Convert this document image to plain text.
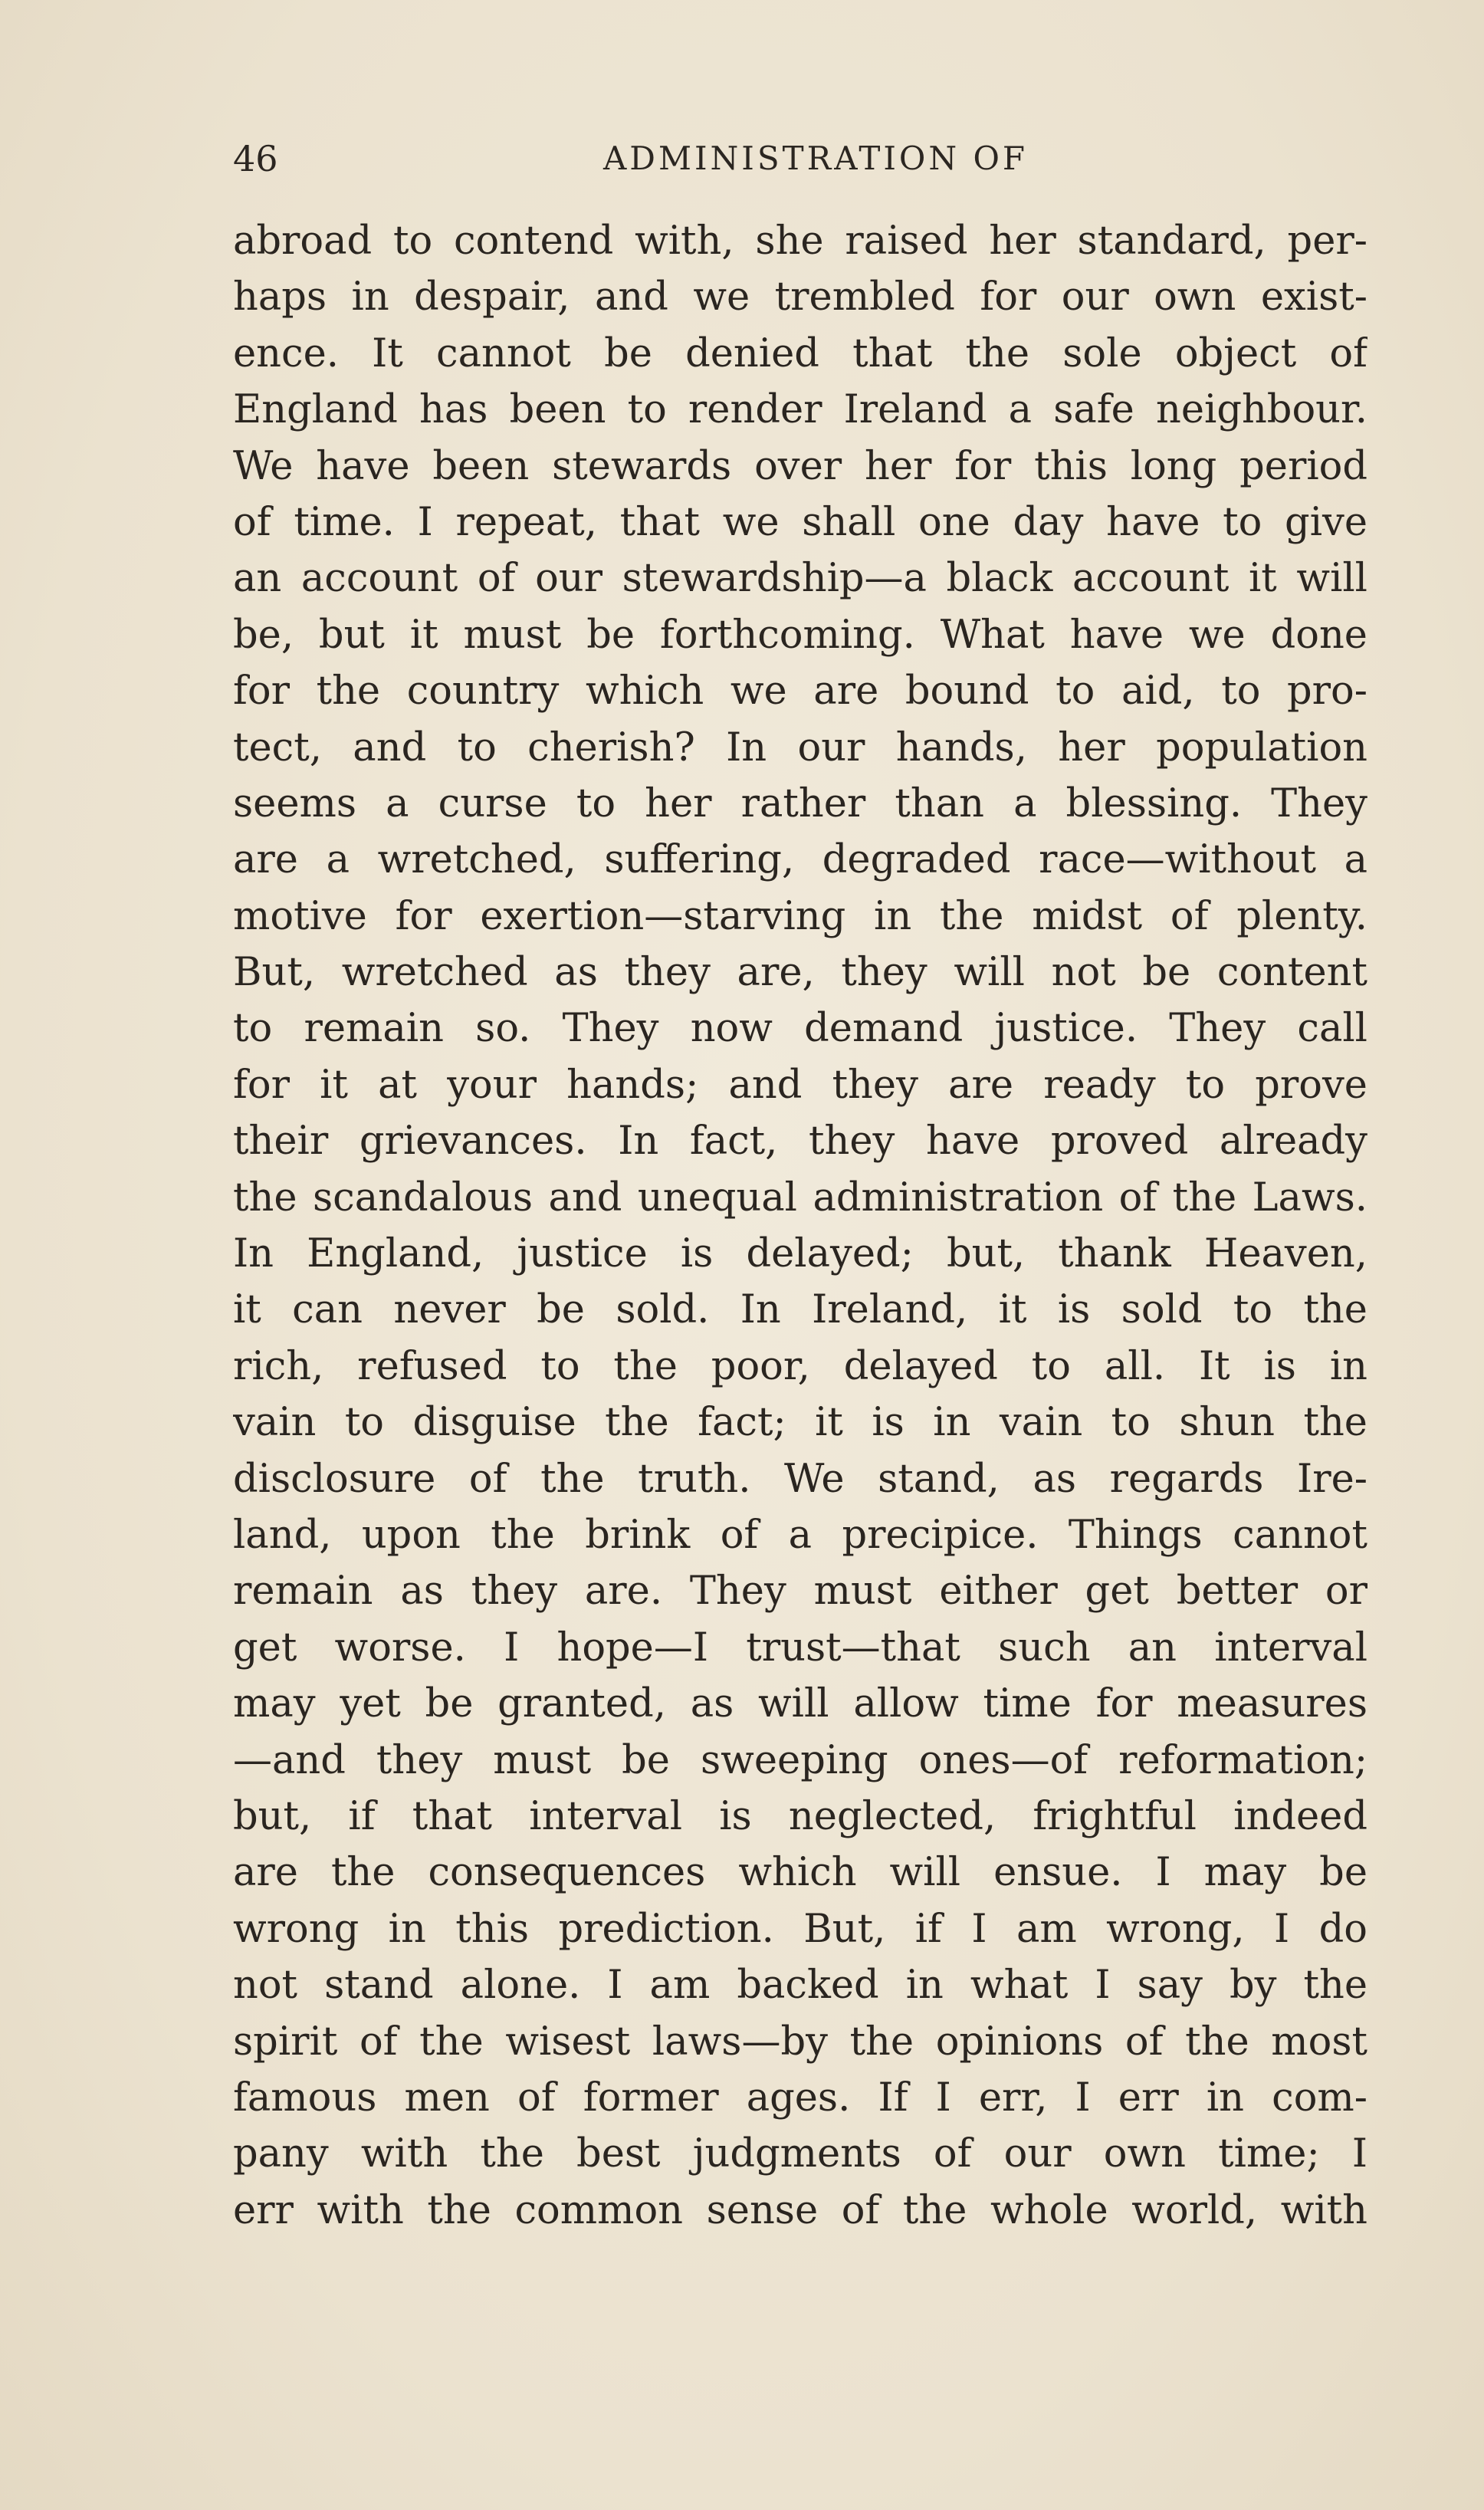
46	ADMINISTRATION OF
abroad to contend with, she raised her standard, per-
haps in despair, and we trembled for our own exist-
ence. It cannot be denied that the sole object of
England has been to render Ireland a safe neighbour.
We have been stewards over her for this long period
of time. I repeat, that we shall one day have to give
an account of our stewardship—a black account it will
be, but it must be forthcoming. What have we done
for the country which we are bound to aid, to pro-
tect, and to cherish? In our hands, her population
seems a curse to her rather than a blessing. They
are a wretched, suffering, degraded race—without a
motive for exertion—starving in the midst of plenty.
But, wretched as they are, they will not be content
to remain so. They now demand justice. They call
for it at your hands; and they are ready to prove
their grievances. In fact, they have proved already
the scandalous and unequal administration of the Laws.
In England, justice is delayed; but, thank Heaven,
it can never be sold. In Ireland, it is sold to the
rich, refused to the poor, delayed to all. It is in
vain to disguise the fact; it is in vain to shun the
disclosure of the truth. We stand, as regards Ire-
land, upon the brink of a precipice. Things cannot
remain as they are. They must either get better or
get worse. I hope—I trust—that such an interval
may yet be granted, as will allow time for measures
—and they must be sweeping ones—of reformation;
but, if that interval is neglected, frightful indeed
are the consequences which will ensue. I may be
wrong in this prediction. But, if I am wrong, I do
not stand alone. I am backed in what I say by the
spirit of the wisest laws—by the opinions of the most
famous men of former ages. If I err, I err in com-
pany with the best judgments of our own time; I
err with the common sense of the whole world, with
